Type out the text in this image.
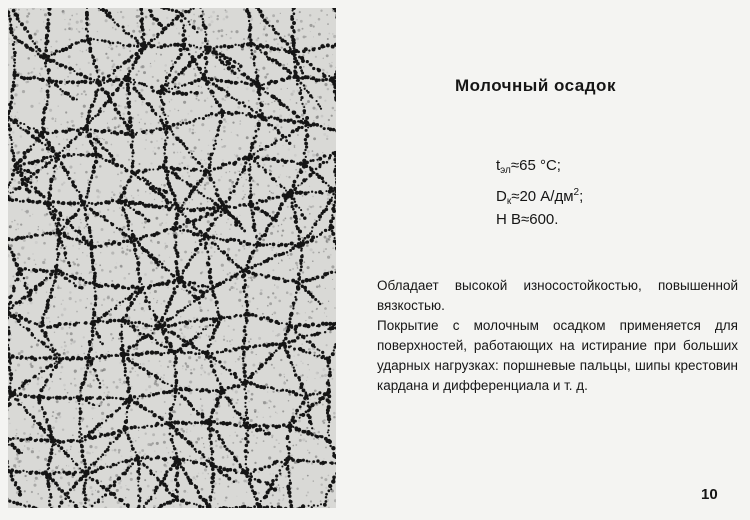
Молочный осадок
$t_{эл}\approx 65$ °C;
$D_к\approx 20$ $А/дм^2$;
H B≈600.

Обладает высокой износостойкостью, повышенной вязкостью.

Покрытие с молочным осадком применяется для поверхностей, работающих на истирание при больших ударных нагрузках: поршневые пальцы, шипы крестовин кардана и дифференциала и т. д.

10
